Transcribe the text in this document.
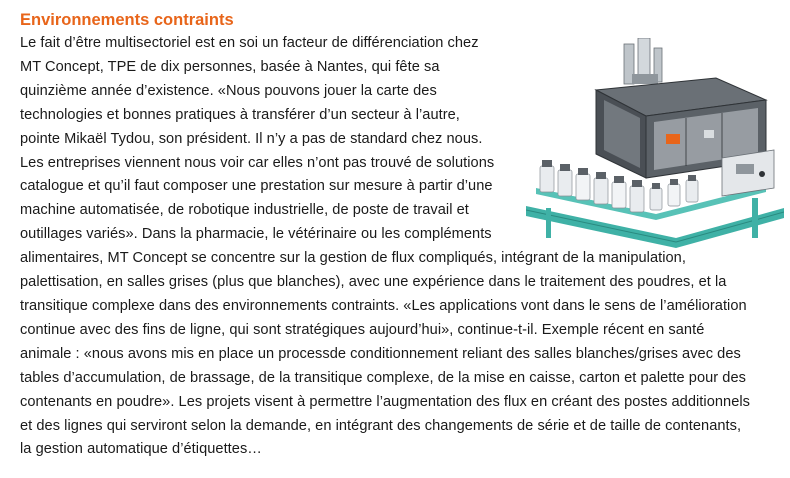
Environnements contraints

Le fait d’être multisectoriel est en soi un facteur de différenciation chez
MT Concept, TPE de dix personnes, basée à Nantes, qui fête sa
quinzième année d’existence. «Nous pouvons jouer la carte des
technologies et bonnes pratiques à transférer d’un secteur à l’autre,
pointe Mikaël Tydou, son président. Il n’y a pas de standard chez nous.
Les entreprises viennent nous voir car elles n’ont pas trouvé de solutions
catalogue et qu’il faut composer une prestation sur mesure à partir d’une
machine automatisée, de robotique industrielle, de poste de travail et
outillages variés». Dans la pharmacie, le vétérinaire ou les compléments
alimentaires, MT Concept se concentre sur la gestion de flux compliqués, intégrant de la manipulation,
palettisation, en salles grises (plus que blanches), avec une expérience dans le traitement des poudres, et la
transitique complexe dans des environnements contraints. «Les applications vont dans le sens de l’amélioration
continue avec des fins de ligne, qui sont stratégiques aujourd’hui», continue-t-il. Exemple récent en santé
animale : «nous avons mis en place un processde conditionnement reliant des salles blanches/grises avec des
tables d’accumulation, de brassage, de la transitique complexe, de la mise en caisse, carton et palette pour des
contenants en poudre». Les projets visent à permettre l’augmentation des flux en créant des postes additionnels
et des lignes qui serviront selon la demande, en intégrant des changements de série et de taille de contenants,
la gestion automatique d’étiquettes…
